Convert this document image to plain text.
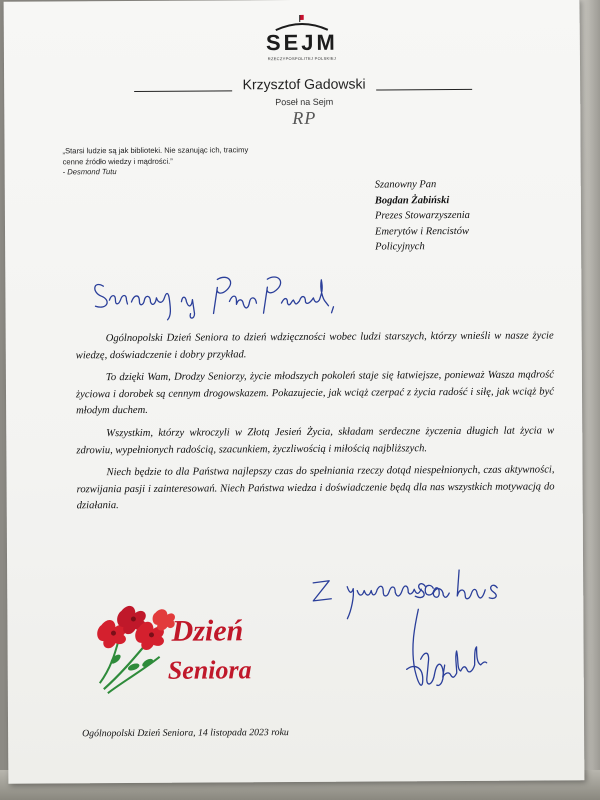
SEJM
RZECZYPOSPOLITEJ POLSKIEJ
Krzysztof Gadowski
Poseł na Sejm
RP
„Starsi ludzie są jak biblioteki. Nie szanując ich, tracimy cenne źródło wiedzy i mądrości.”
- Desmond Tutu
Szanowny Pan
Bogdan Żabiński
Prezes Stowarzyszenia
Emerytów i Rencistów
Policyjnych

Ogólnopolski Dzień Seniora to dzień wdzięczności wobec ludzi starszych, którzy wnieśli w nasze życie wiedzę, doświadczenie i dobry przykład.

To dzięki Wam, Drodzy Seniorzy, życie młodszych pokoleń staje się łatwiejsze, ponieważ Wasza mądrość życiowa i dorobek są cennym drogowskazem. Pokazujecie, jak wciąż czerpać z życia radość i siłę, jak wciąż być młodym duchem.

Wszystkim, którzy wkroczyli w Złotą Jesień Życia, składam serdeczne życzenia długich lat życia w zdrowiu, wypełnionych radością, szacunkiem, życzliwością i miłością najbliższych.

Niech będzie to dla Państwa najlepszy czas do spełniania rzeczy dotąd niespełnionych, czas aktywności, rozwijania pasji i zainteresowań. Niech Państwa wiedza i doświadczenie będą dla nas wszystkich motywacją do działania.

Dzień
Seniora
Ogólnopolski Dzień Seniora, 14 listopada 2023 roku
